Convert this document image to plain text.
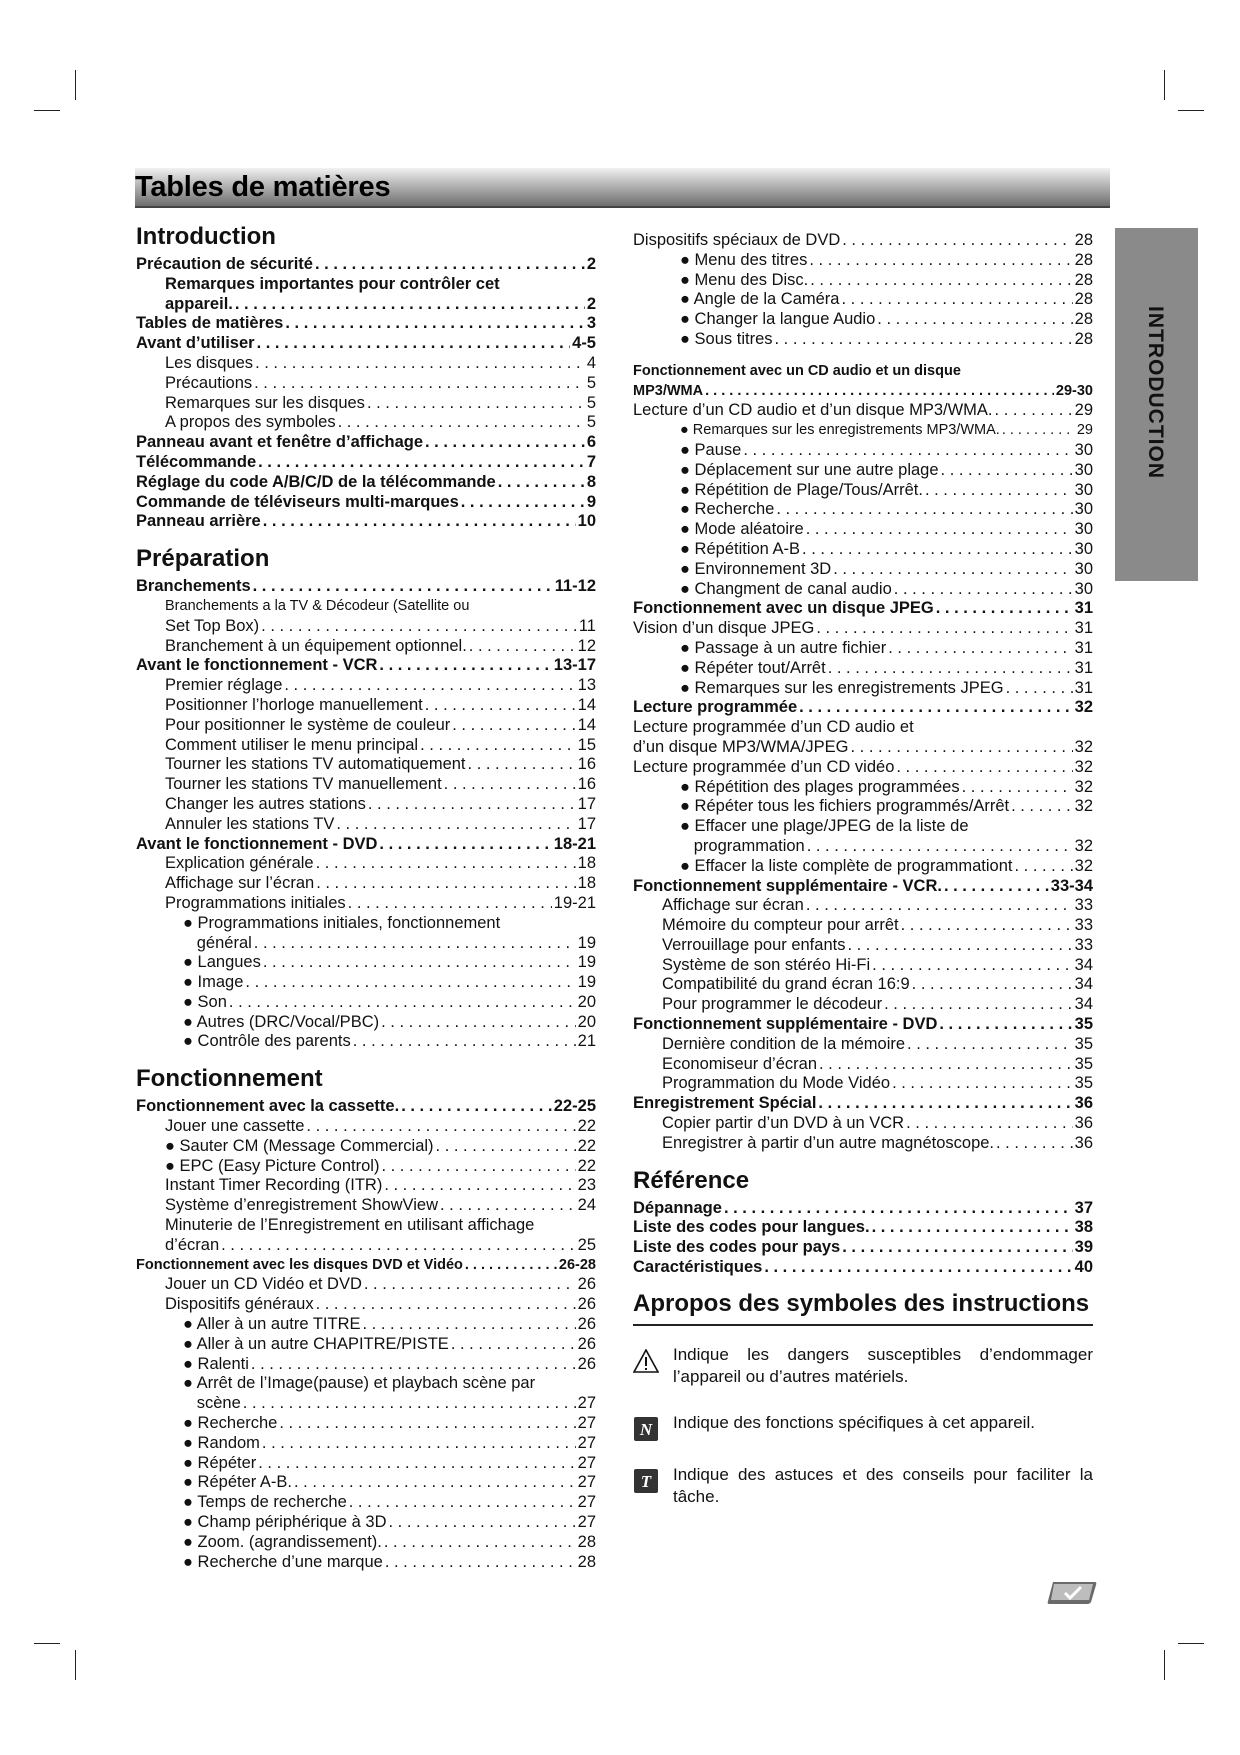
Tables de matières
INTRODUCTION
Introduction
Précaution de sécurité . . .	2
Remarques importantes pour contrôler cet
appareil. . . .	2
Tables de matières . . .	3
Avant d’utiliser . . .	4-5
Les disques . . .	4
Précautions . . .	5
Remarques sur les disques . . .	5
A propos des symboles . . .	5
Panneau avant et fenêtre d’affichage . . .	6
Télécommande . . .	7
Réglage du code A/B/C/D de la télécommande . . .	8
Commande de téléviseurs multi-marques . . .	9
Panneau arrière . . .	10
Préparation
Branchements . . .	11-12
Branchements a la TV & Décodeur (Satellite ou
Set Top Box) . . .	11
Branchement à un équipement optionnel. . . .	12
Avant le fonctionnement - VCR . . .	13-17
Premier réglage . . .	13
Positionner l’horloge manuellement . . .	14
Pour positionner le système de couleur . . .	14
Comment utiliser le menu principal . . .	15
Tourner les stations TV automatiquement . . .	16
Tourner les stations TV manuellement . . .	16
Changer les autres stations . . .	17
Annuler les stations TV . . .	17
Avant le fonctionnement - DVD . . .	18-21
Explication générale . . .	18
Affichage sur l’écran . . .	18
Programmations initiales . . .	19-21
● Programmations initiales, fonctionnement
général . . .	19
● Langues . . .	19
● Image . . .	19
● Son . . .	20
● Autres (DRC/Vocal/PBC) . . .	20
● Contrôle des parents . . .	21
Fonctionnement
Fonctionnement avec la cassette. . . .	22-25
Jouer une cassette . . .	22
● Sauter CM (Message Commercial) . . .	22
● EPC (Easy Picture Control) . . .	22
Instant Timer Recording (ITR) . . .	23
Système d’enregistrement ShowView . . .	24
Minuterie de l’Enregistrement en utilisant affichage
d’écran . . .	25
Fonctionnement avec les disques DVD et Vidéo . . .	26-28
Jouer un CD Vidéo et DVD . . .	26
Dispositifs généraux . . .	26
● Aller à un autre TITRE . . .	26
● Aller à un autre CHAPITRE/PISTE . . .	26
● Ralenti . . .	26
● Arrêt de l’Image(pause) et playbach scène par
scène . . .	27
● Recherche . . .	27
● Random . . .	27
● Répéter . . .	27
● Répéter A-B. . . .	27
● Temps de recherche . . .	27
● Champ périphérique à 3D . . .	27
● Zoom. (agrandissement). . . .	28
● Recherche d’une marque . . .	28
Dispositifs spéciaux de DVD . . .	28
● Menu des titres . . .	28
● Menu des Disc. . . .	28
● Angle de la Caméra . . .	28
● Changer la langue Audio . . .	28
● Sous titres . . .	28
Fonctionnement avec un CD audio et un disque
MP3/WMA . . .	29-30
Lecture d’un CD audio et d’un disque MP3/WMA. . . .	29
● Remarques sur les enregistrements MP3/WMA. . . .	29
● Pause . . .	30
● Déplacement sur une autre plage . . .	30
● Répétition de Plage/Tous/Arrêt. . . .	30
● Recherche . . .	30
● Mode aléatoire . . .	30
● Répétition A-B . . .	30
● Environnement 3D . . .	30
● Changment de canal audio . . .	30
Fonctionnement avec un disque JPEG . . .	31
Vision d’un disque JPEG . . .	31
● Passage à un autre fichier . . .	31
● Répéter tout/Arrêt . . .	31
● Remarques sur les enregistrements JPEG . . .	31
Lecture programmée . . .	32
Lecture programmée d’un CD audio et
d’un disque MP3/WMA/JPEG . . .	32
Lecture programmée d’un CD vidéo . . .	32
● Répétition des plages programmées . . .	32
● Répéter tous les fichiers programmés/Arrêt . . .	32
● Effacer une plage/JPEG de la liste de
programmation . . .	32
● Effacer la liste complète de programmationt . . .	32
Fonctionnement supplémentaire - VCR. . . .	33-34
Affichage sur écran . . .	33
Mémoire du compteur pour arrêt . . .	33
Verrouillage pour enfants . . .	33
Système de son stéréo Hi-Fi . . .	34
Compatibilité du grand écran 16:9 . . .	34
Pour programmer le décodeur . . .	34
Fonctionnement supplémentaire - DVD . . .	35
Dernière condition de la mémoire . . .	35
Economiseur d’écran . . .	35
Programmation du Mode Vidéo . . .	35
Enregistrement Spécial . . .	36
Copier partir d’un DVD à un VCR . . .	36
Enregistrer à partir d’un autre magnétoscope. . . .	36
Référence
Dépannage . . .	37
Liste des codes pour langues. . . .	38
Liste des codes pour pays . . .	39
Caractéristiques . . .	40
Apropos des symboles des instructions
Indique les dangers susceptibles d’endommager l’appareil ou d’autres matériels.
N Indique des fonctions spécifiques à cet appareil.
T Indique des astuces et des conseils pour faciliter la tâche.
